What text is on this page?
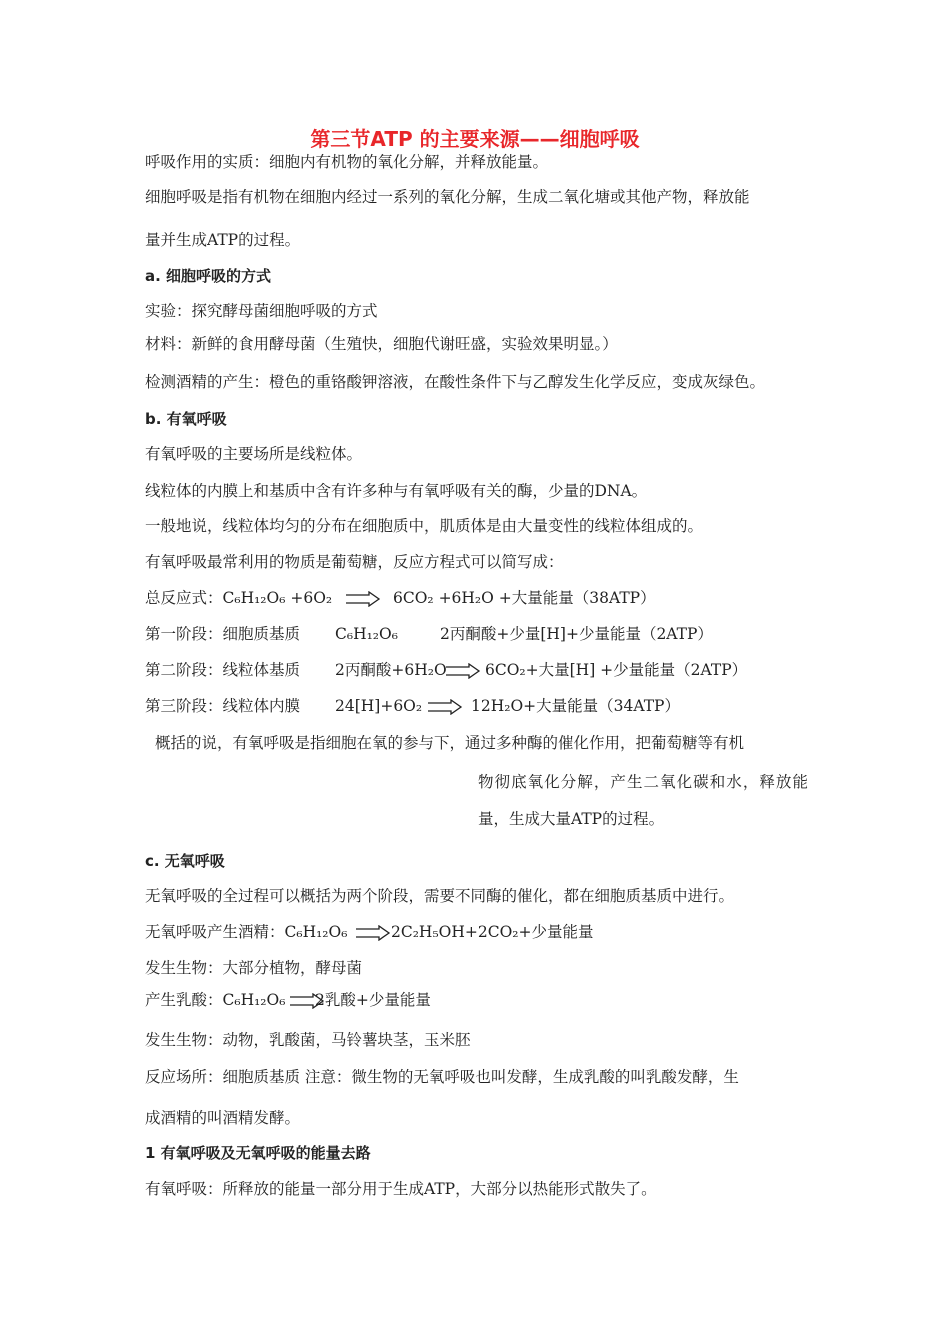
第三节ATP 的主要来源——细胞呼吸
呼吸作用的实质：细胞内有机物的氧化分解，并释放能量。
细胞呼吸是指有机物在细胞内经过一系列的氧化分解，生成二氧化塘或其他产物，释放能
量并生成ATP的过程。
a. 细胞呼吸的方式
实验：探究酵母菌细胞呼吸的方式
材料：新鲜的食用酵母菌（生殖快，细胞代谢旺盛，实验效果明显。）
检测酒精的产生：橙色的重铬酸钾溶液，在酸性条件下与乙醇发生化学反应，变成灰绿色。
b. 有氧呼吸
有氧呼吸的主要场所是线粒体。
线粒体的内膜上和基质中含有许多种与有氧呼吸有关的酶，少量的DNA。
一般地说，线粒体均匀的分布在细胞质中，肌质体是由大量变性的线粒体组成的。
有氧呼吸最常利用的物质是葡萄糖，反应方程式可以简写成：
总反应式：C₆H₁₂O₆ +6O₂	6CO₂ +6H₂O +大量能量（38ATP）
第一阶段：细胞质基质 C₆H₁₂O₆	2丙酮酸+少量[H]+少量能量（2ATP）
第二阶段：线粒体基质 2丙酮酸+6H₂O 6CO₂+大量[H] +少量能量（2ATP）
第三阶段：线粒体内膜 24[H]+6O₂	12H₂O+大量能量（34ATP）
概括的说，有氧呼吸是指细胞在氧的参与下，通过多种酶的催化作用，把葡萄糖等有机
物彻底氧化分解，产生二氧化碳和水，释放能量，生成大量ATP的过程。
c. 无氧呼吸
无氧呼吸的全过程可以概括为两个阶段，需要不同酶的催化，都在细胞质基质中进行。
无氧呼吸产生酒精：C₆H₁₂O₆	2C₂H₅OH+2CO₂+少量能量
发生生物：大部分植物，酵母菌
产生乳酸：C₆H₁₂O₆ 2乳酸+少量能量
发生生物：动物，乳酸菌，马铃薯块茎，玉米胚
反应场所：细胞质基质 注意：微生物的无氧呼吸也叫发酵，生成乳酸的叫乳酸发酵，生
成酒精的叫酒精发酵。
1 有氧呼吸及无氧呼吸的能量去路
有氧呼吸：所释放的能量一部分用于生成ATP，大部分以热能形式散失了。
